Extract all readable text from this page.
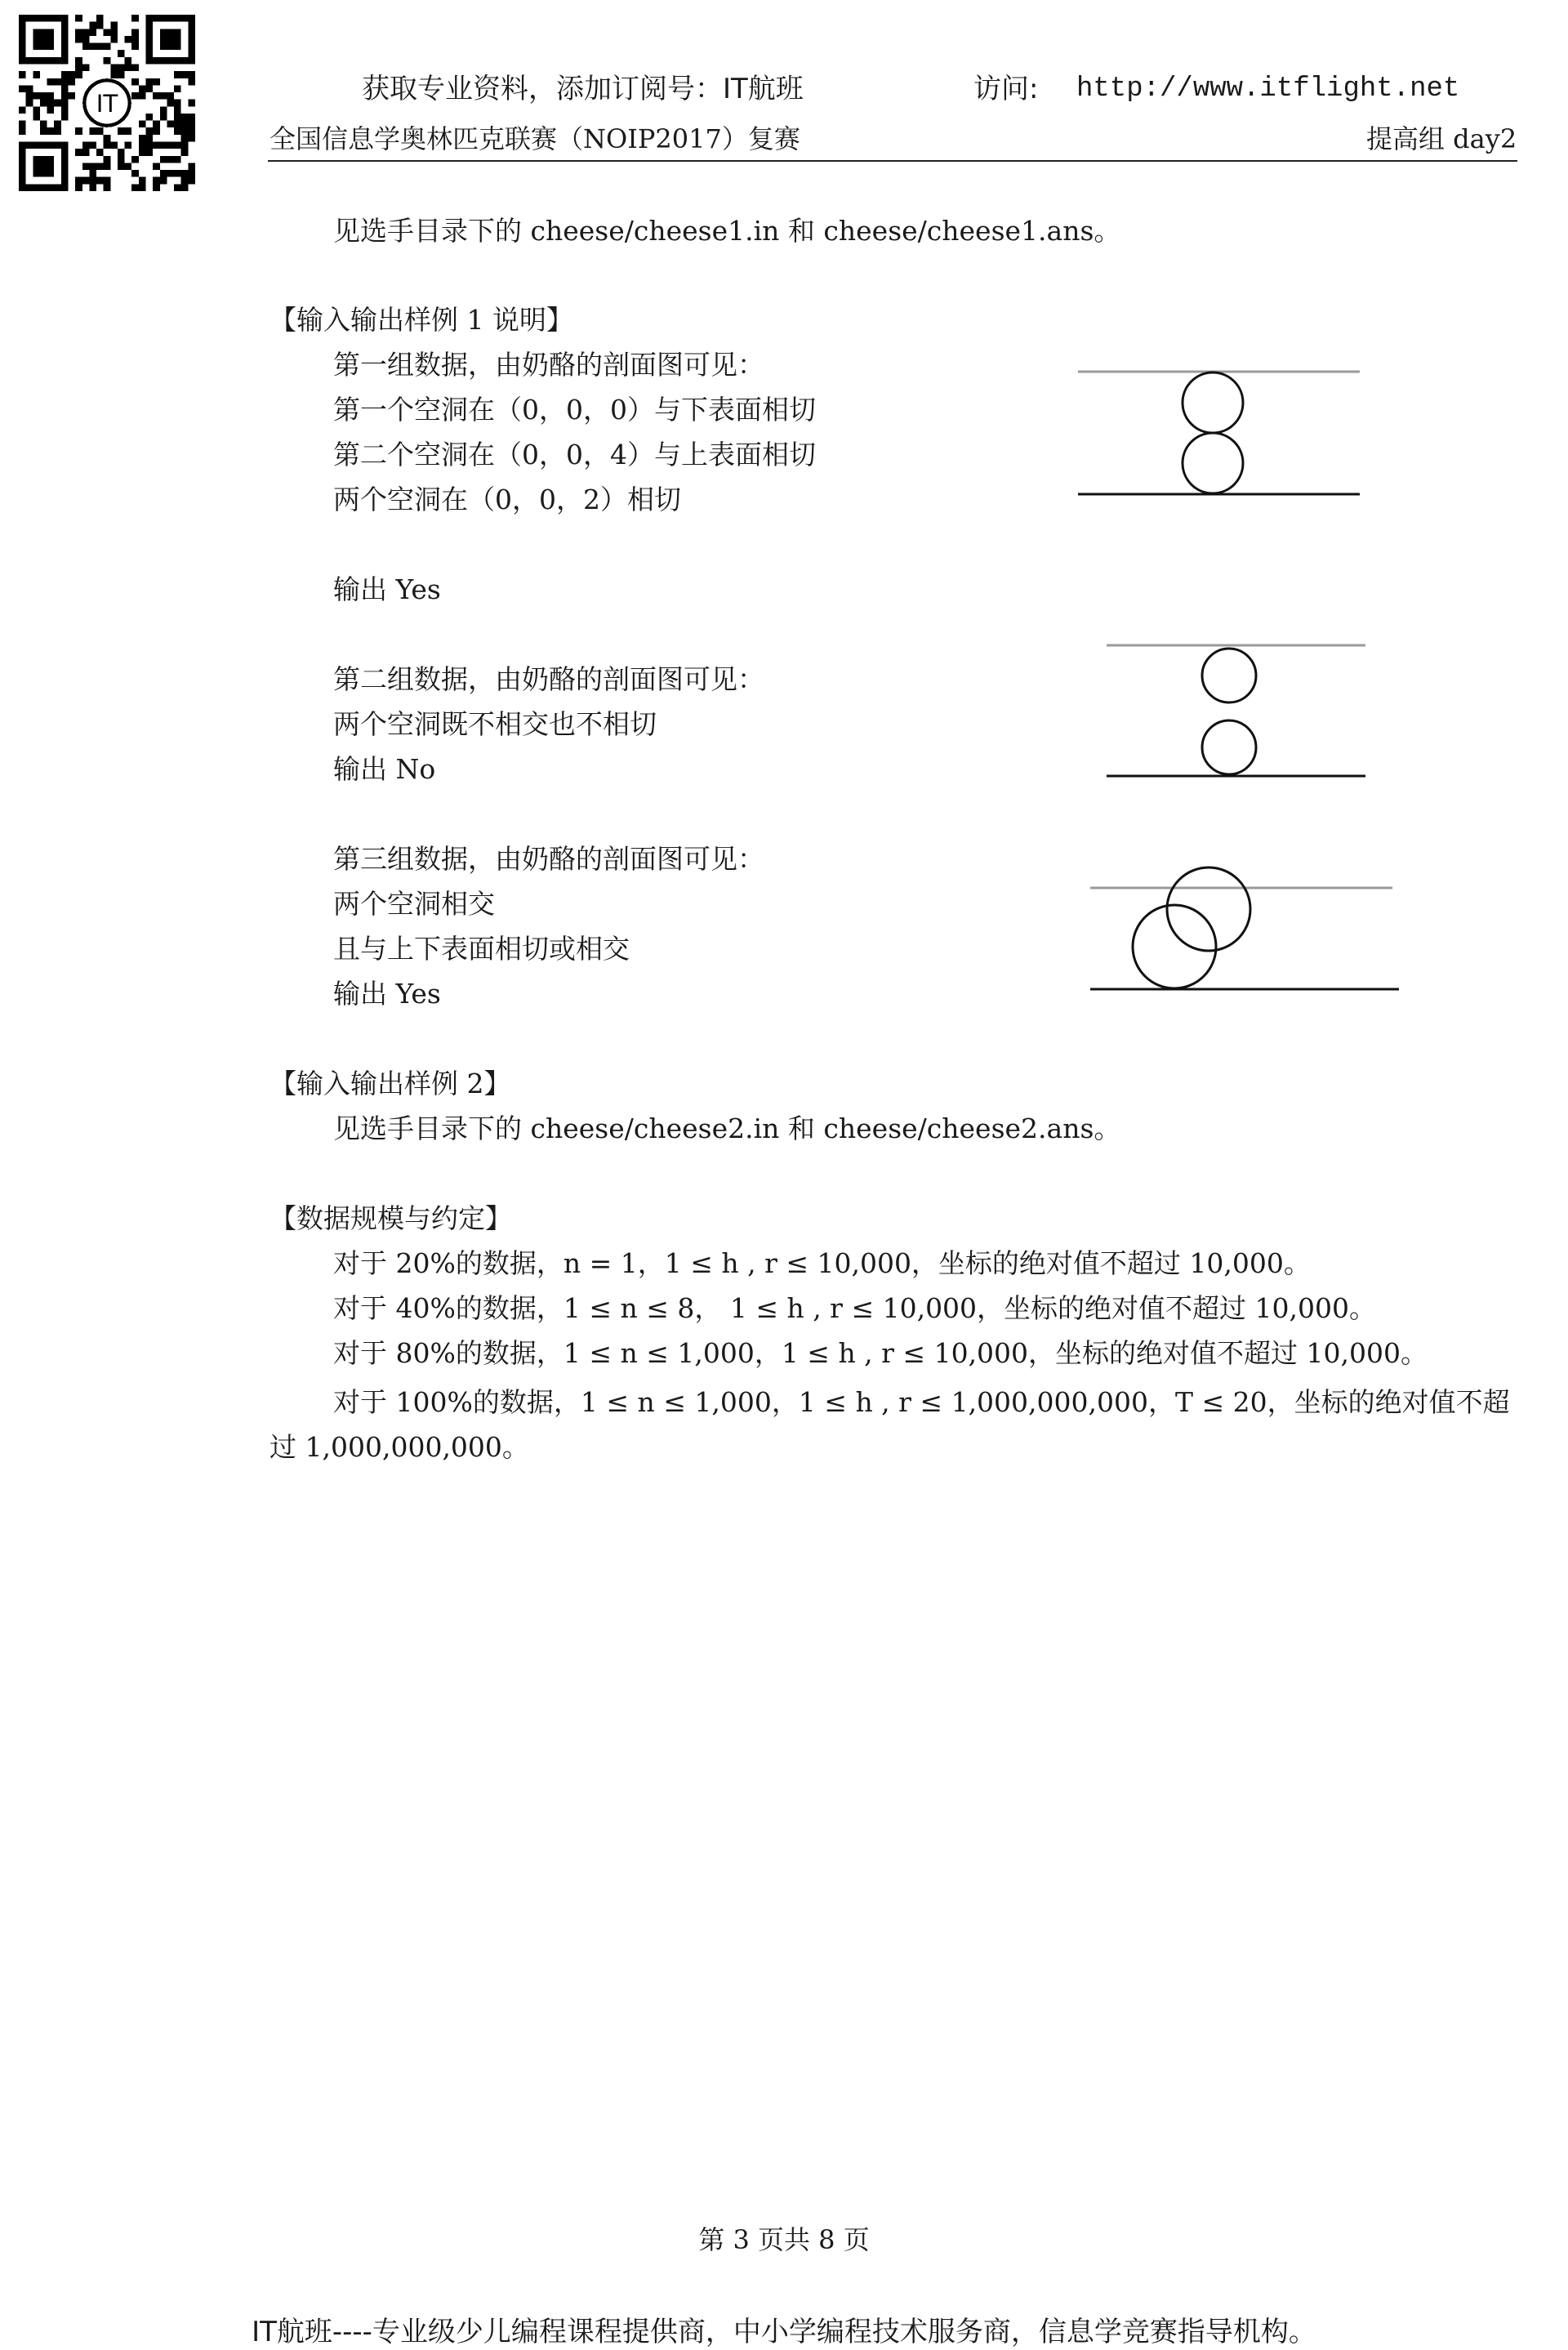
IT	获取专业资料，添加订阅号：IT航班	访问: http://www.itflight.net
全国信息学奥林匹克联赛（NOIP2017）复赛	提高组 day2
见选手目录下的 cheese/cheese1.in 和 cheese/cheese1.ans。
【输入输出样例 1 说明】
第一组数据，由奶酪的剖面图可见：
第一个空洞在（0，0，0）与下表面相切
第二个空洞在（0，0，4）与上表面相切
两个空洞在（0，0，2）相切
输出 Yes
第二组数据，由奶酪的剖面图可见：
两个空洞既不相交也不相切
输出 No
第三组数据，由奶酪的剖面图可见：
两个空洞相交
且与上下表面相切或相交
输出 Yes
【输入输出样例 2】
见选手目录下的 cheese/cheese2.in 和 cheese/cheese2.ans。
【数据规模与约定】
对于 20%的数据，n = 1，1 ≤ h , r ≤ 10,000，坐标的绝对值不超过 10,000。
对于 40%的数据，1 ≤ n ≤ 8， 1 ≤ h , r ≤ 10,000，坐标的绝对值不超过 10,000。
对于 80%的数据，1 ≤ n ≤ 1,000，1 ≤ h , r ≤ 10,000，坐标的绝对值不超过 10,000。
对于 100%的数据，1 ≤ n ≤ 1,000，1 ≤ h , r ≤ 1,000,000,000，T ≤ 20，坐标的绝对值不超过 1,000,000,000。
第 3 页共 8 页
IT航班----专业级少儿编程课程提供商，中小学编程技术服务商，信息学竞赛指导机构。
